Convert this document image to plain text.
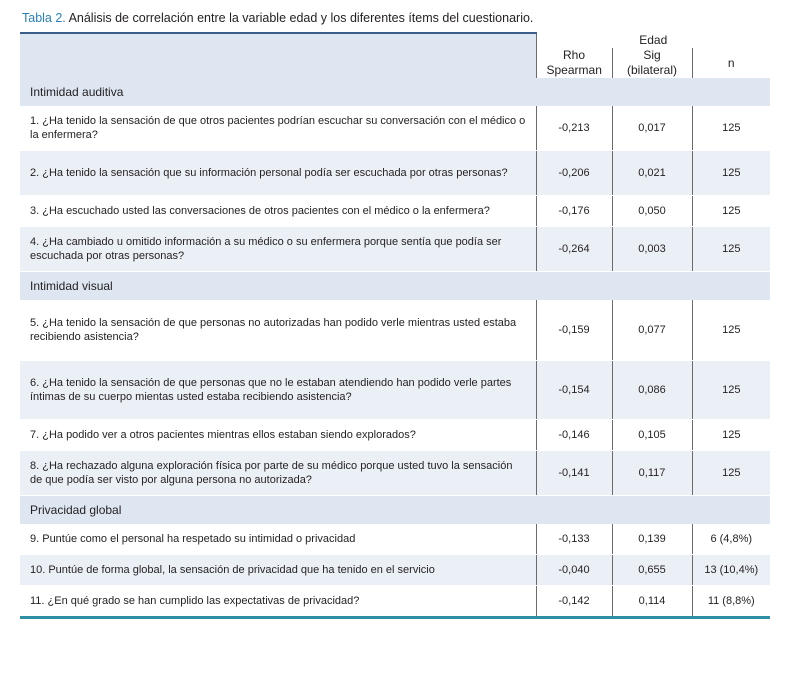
Tabla 2. Análisis de correlación entre la variable edad y los diferentes ítems del cuestionario.
	Edad		
	Rho Spearman	Sig (bilateral)	n
Intimidad auditiva			
1. ¿Ha tenido la sensación de que otros pacientes podrían escuchar su conversación con el médico o la enfermera?	-0,213	0,017	125
2. ¿Ha tenido la sensación que su información personal podía ser escuchada por otras personas?	-0,206	0,021	125
3. ¿Ha escuchado usted las conversaciones de otros pacientes con el médico o la enfermera?	-0,176	0,050	125
4. ¿Ha cambiado u omitido información a su médico o su enfermera porque sentía que podía ser escuchada por otras personas?	-0,264	0,003	125
Intimidad visual			
5. ¿Ha tenido la sensación de que personas no autorizadas han podido verle mientras usted estaba recibiendo asistencia?	-0,159	0,077	125
6. ¿Ha tenido la sensación de que personas que no le estaban atendiendo han podido verle partes íntimas de su cuerpo mientas usted estaba recibiendo asistencia?	-0,154	0,086	125
7. ¿Ha podido ver a otros pacientes mientras ellos estaban siendo explorados?	-0,146	0,105	125
8. ¿Ha rechazado alguna exploración física por parte de su médico porque usted tuvo la sensación de que podía ser visto por alguna persona no autorizada?	-0,141	0,117	125
Privacidad global			
9. Puntúe como el personal ha respetado su intimidad o privacidad	-0,133	0,139	6 (4,8%)
10. Puntúe de forma global, la sensación de privacidad que ha tenido en el servicio	-0,040	0,655	13 (10,4%)
11. ¿En qué grado se han cumplido las expectativas de privacidad?	-0,142	0,114	11 (8,8%)
